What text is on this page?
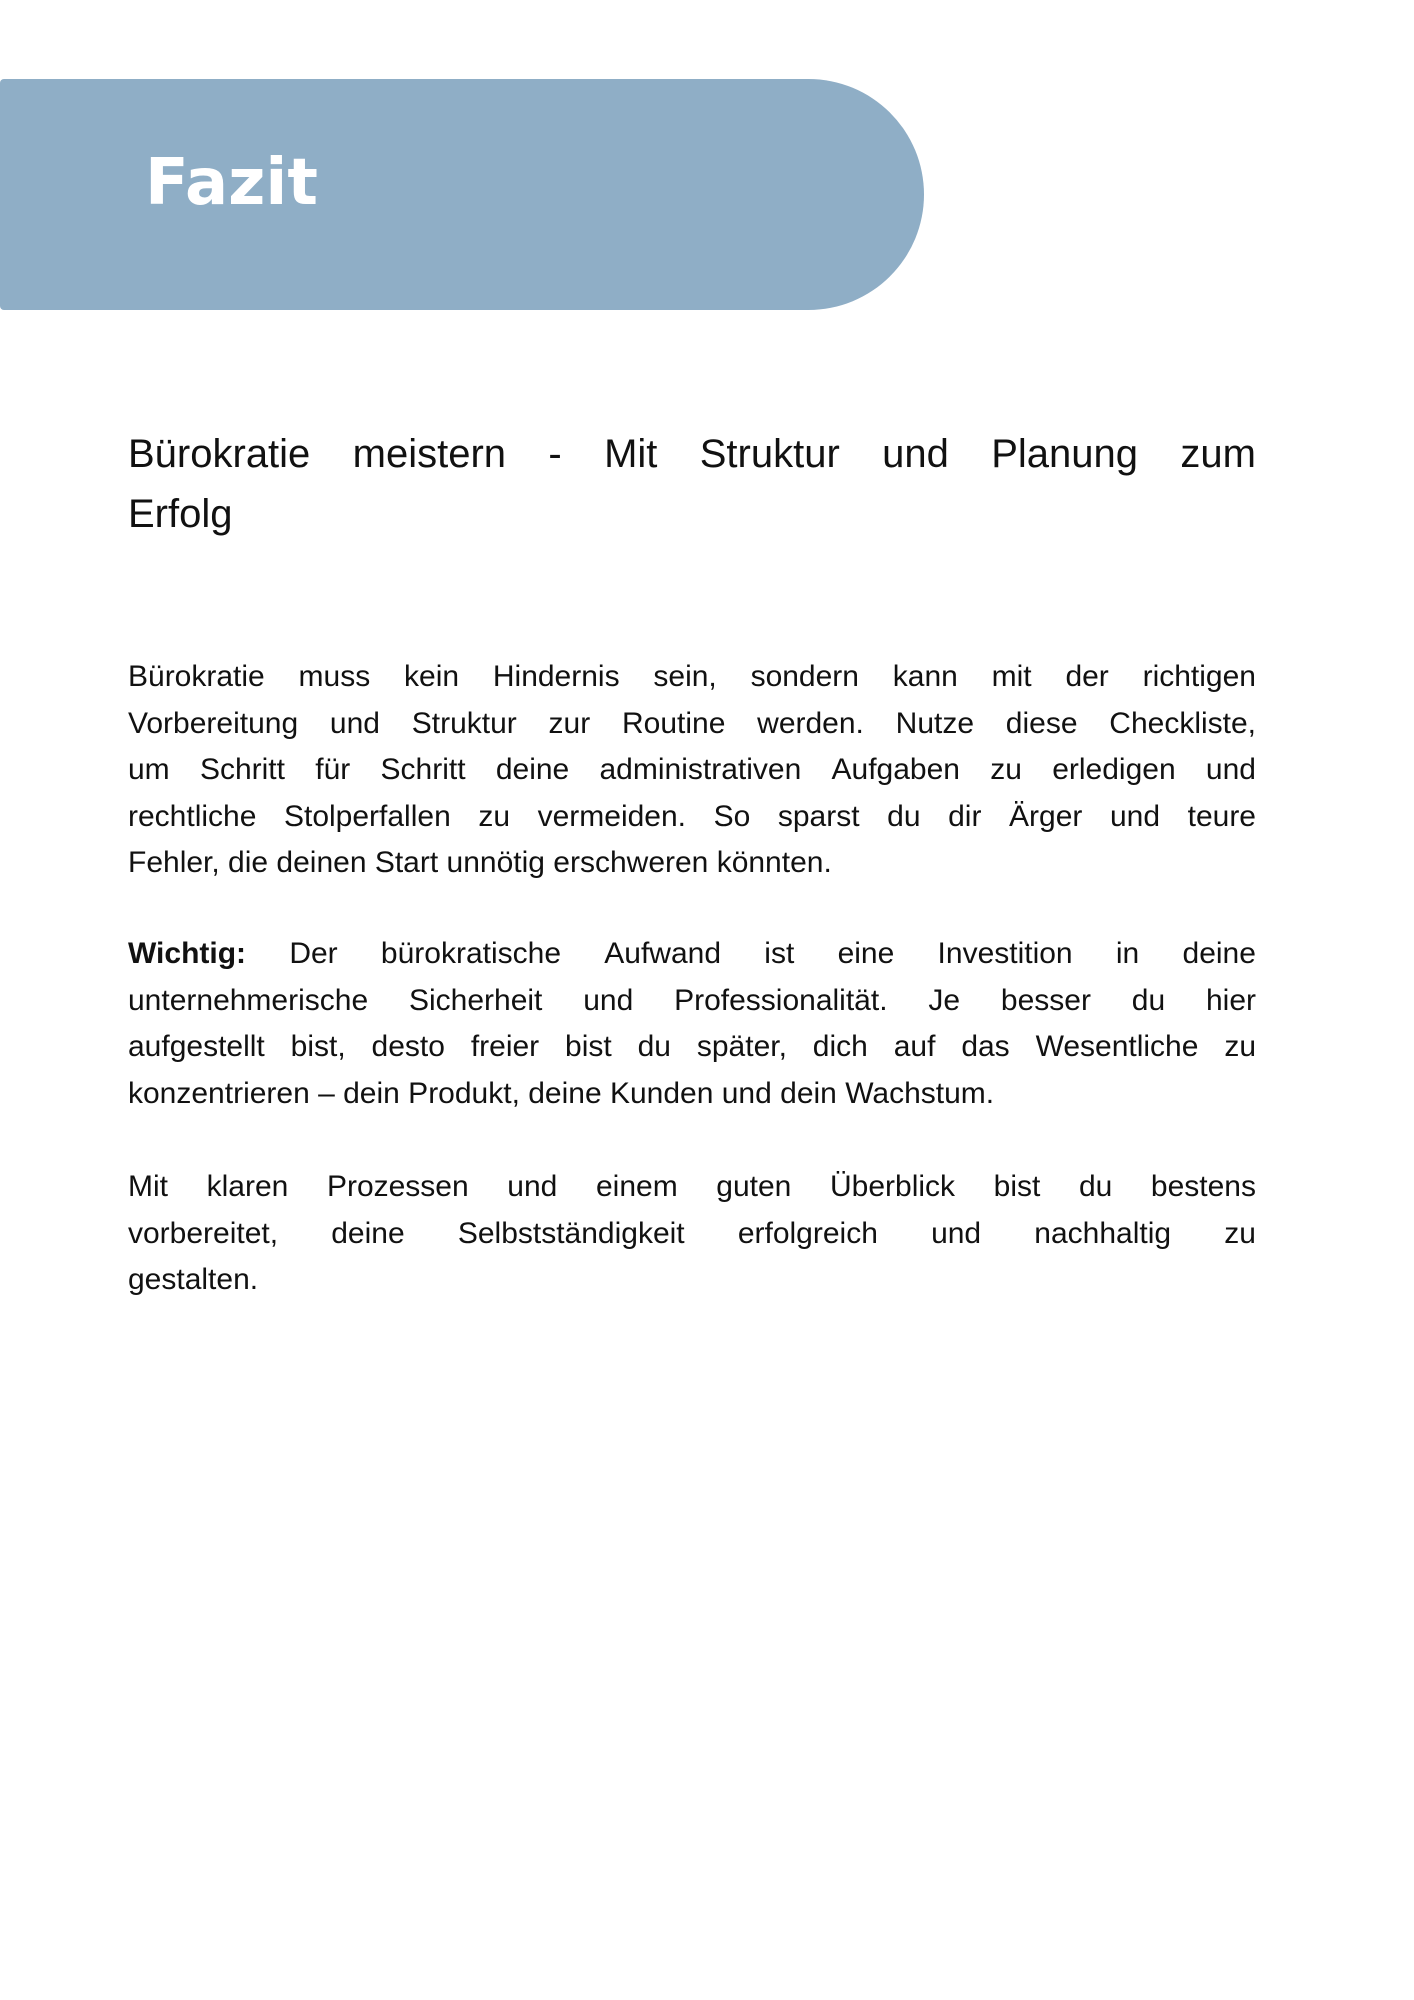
Fazit
Bürokratie meistern - Mit Struktur und Planung zum
Erfolg
Bürokratie muss kein Hindernis sein, sondern kann mit der richtigen
Vorbereitung und Struktur zur Routine werden. Nutze diese Checkliste,
um Schritt für Schritt deine administrativen Aufgaben zu erledigen und
rechtliche Stolperfallen zu vermeiden. So sparst du dir Ärger und teure
Fehler, die deinen Start unnötig erschweren könnten.
Wichtig: Der bürokratische Aufwand ist eine Investition in deine
unternehmerische Sicherheit und Professionalität. Je besser du hier
aufgestellt bist, desto freier bist du später, dich auf das Wesentliche zu
konzentrieren – dein Produkt, deine Kunden und dein Wachstum.
Mit klaren Prozessen und einem guten Überblick bist du bestens
vorbereitet, deine Selbstständigkeit erfolgreich und nachhaltig zu
gestalten.
